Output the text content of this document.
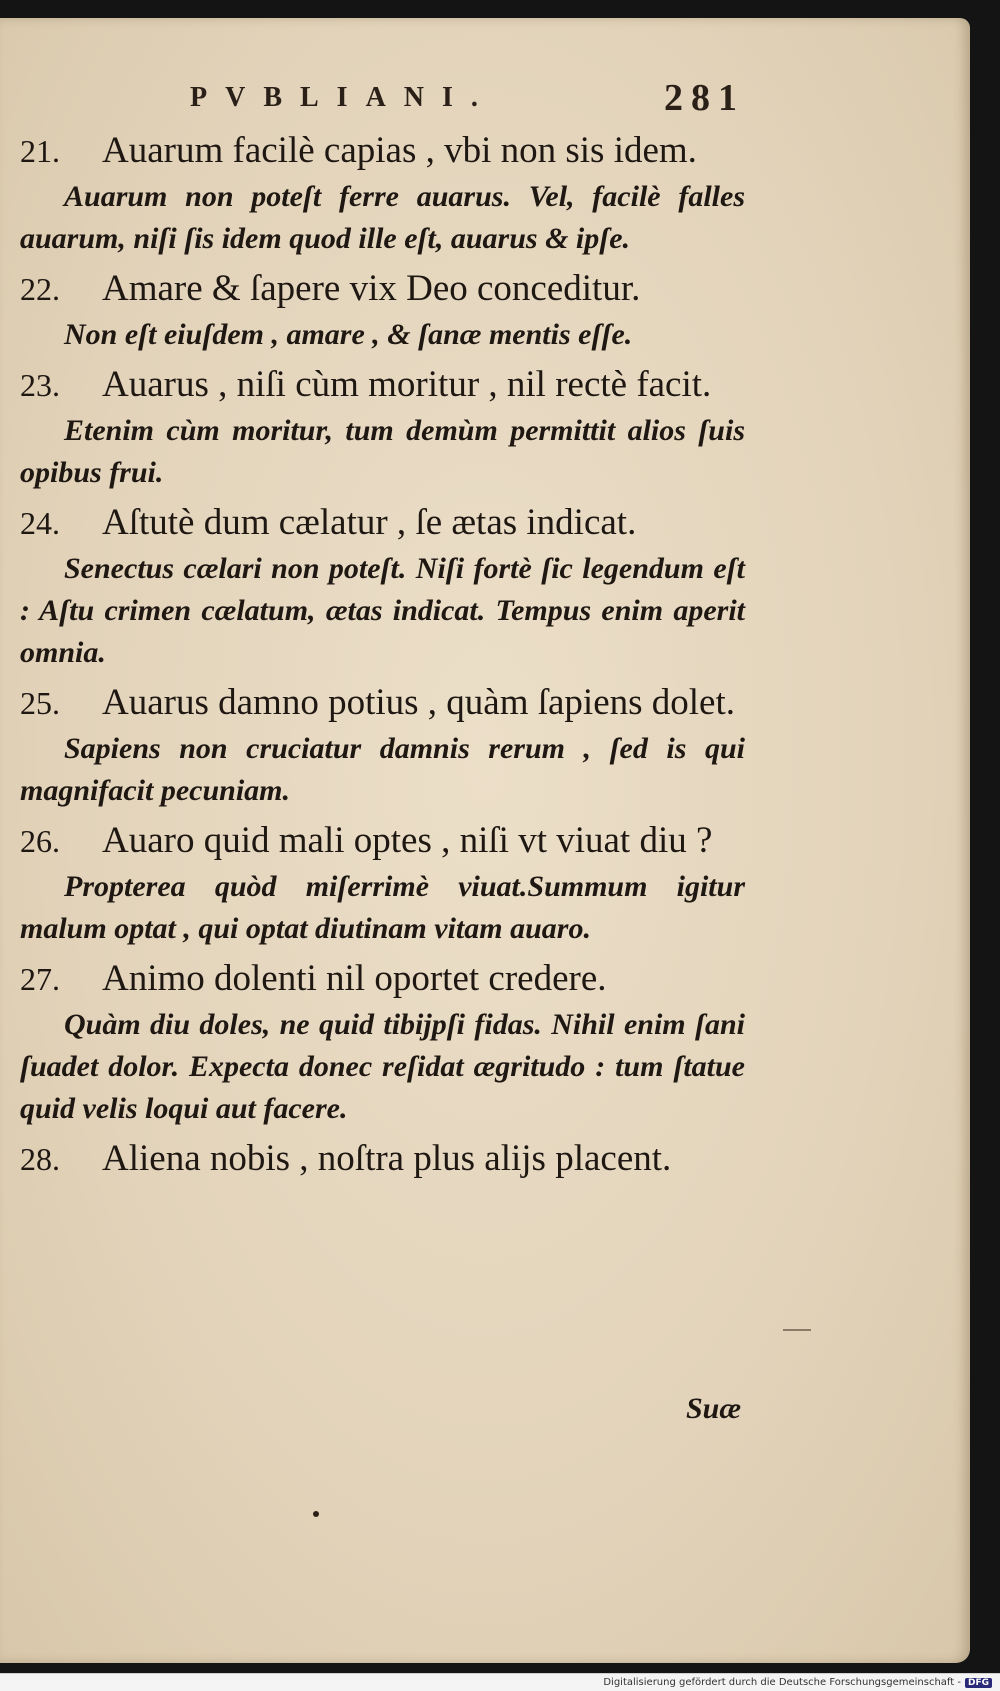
PVBLIANI.	281

21. Auarum facilè capias , vbi non sis idem.

Auarum non poteſt ferre auarus. Vel, facilè falles auarum, niſi ſis idem quod ille eſt, auarus & ipſe.

22. Amare & ſapere vix Deo conceditur.

Non eſt eiuſdem , amare , & ſanæ mentis eſſe.

23. Auarus , niſi cùm moritur , nil rectè facit.

Etenim cùm moritur, tum demùm permittit alios ſuis opibus frui.

24. Aſtutè dum cælatur , ſe ætas indicat.

Senectus cælari non poteſt. Niſi fortè ſic legendum eſt : Aſtu crimen cælatum, ætas indicat. Tempus enim aperit omnia.

25. Auarus damno potius , quàm ſapiens dolet.

Sapiens non cruciatur damnis rerum , ſed is qui magnifacit pecuniam.

26. Auaro quid mali optes , niſi vt viuat diu ?

Propterea quòd miſerrimè viuat.Summum igitur malum optat , qui optat diutinam vitam auaro.

27. Animo dolenti nil oportet credere.

Quàm diu doles, ne quid tibijpſi fidas. Nihil enim ſani ſuadet dolor. Expecta donec reſidat ægritudo : tum ſtatue quid velis loqui aut facere.

28. Aliena nobis , noſtra plus alijs placent.

Suæ
Digitalisierung gefördert durch die Deutsche Forschungsgemeinschaft - DFG
